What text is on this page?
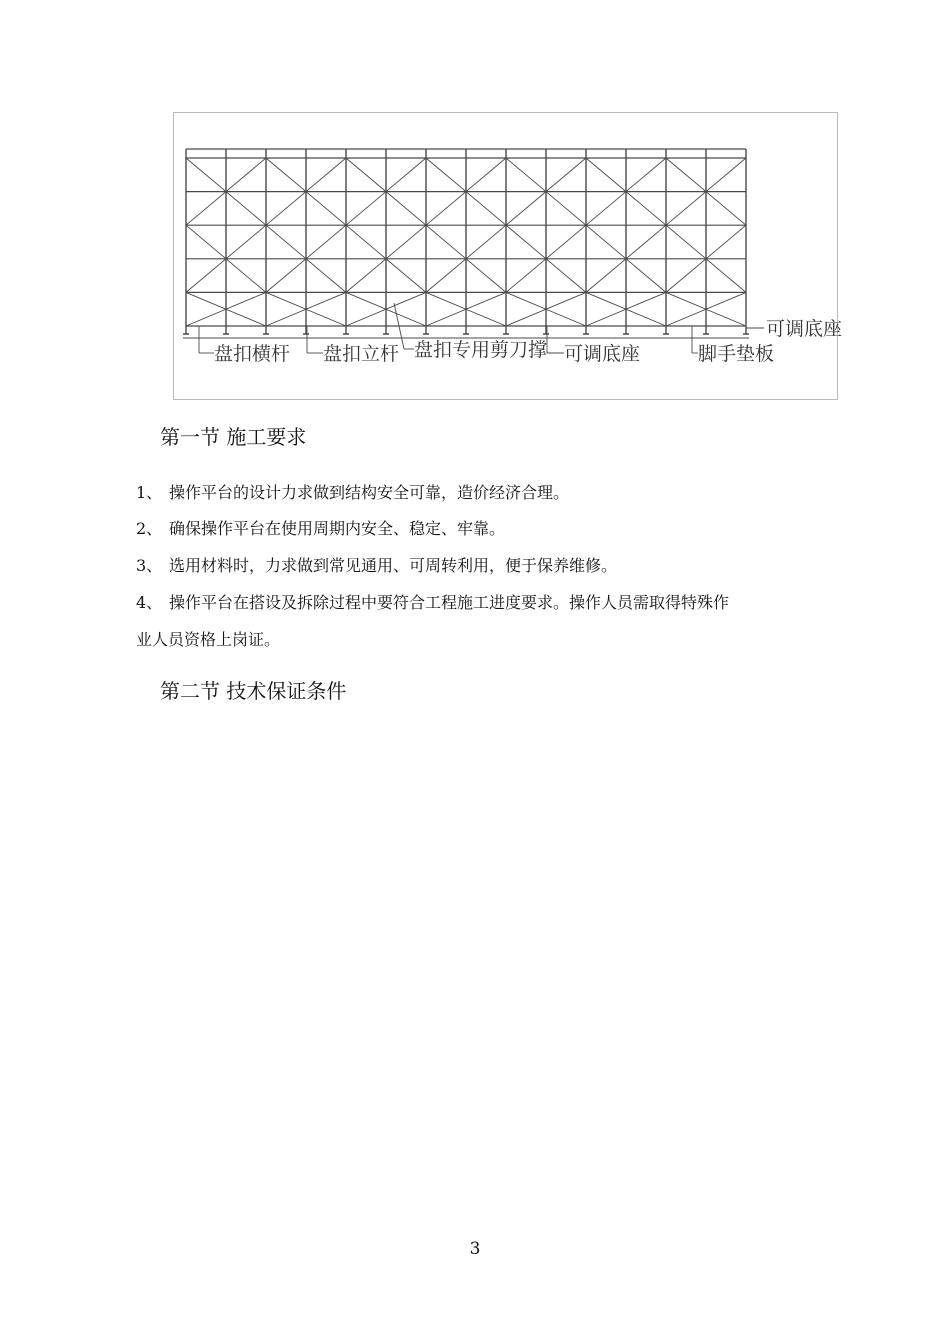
盘扣横杆 盘扣立杆 盘扣专用剪刀撑 可调底座	脚手垫板
可调底座
第一节 施工要求
1、 操作平台的设计力求做到结构安全可靠，造价经济合理。
2、 确保操作平台在使用周期内安全、稳定、牢靠。
3、 选用材料时，力求做到常见通用、可周转利用，便于保养维修。
4、 操作平台在搭设及拆除过程中要符合工程施工进度要求。操作人员需取得特殊作
业人员资格上岗证。
第二节 技术保证条件
3
